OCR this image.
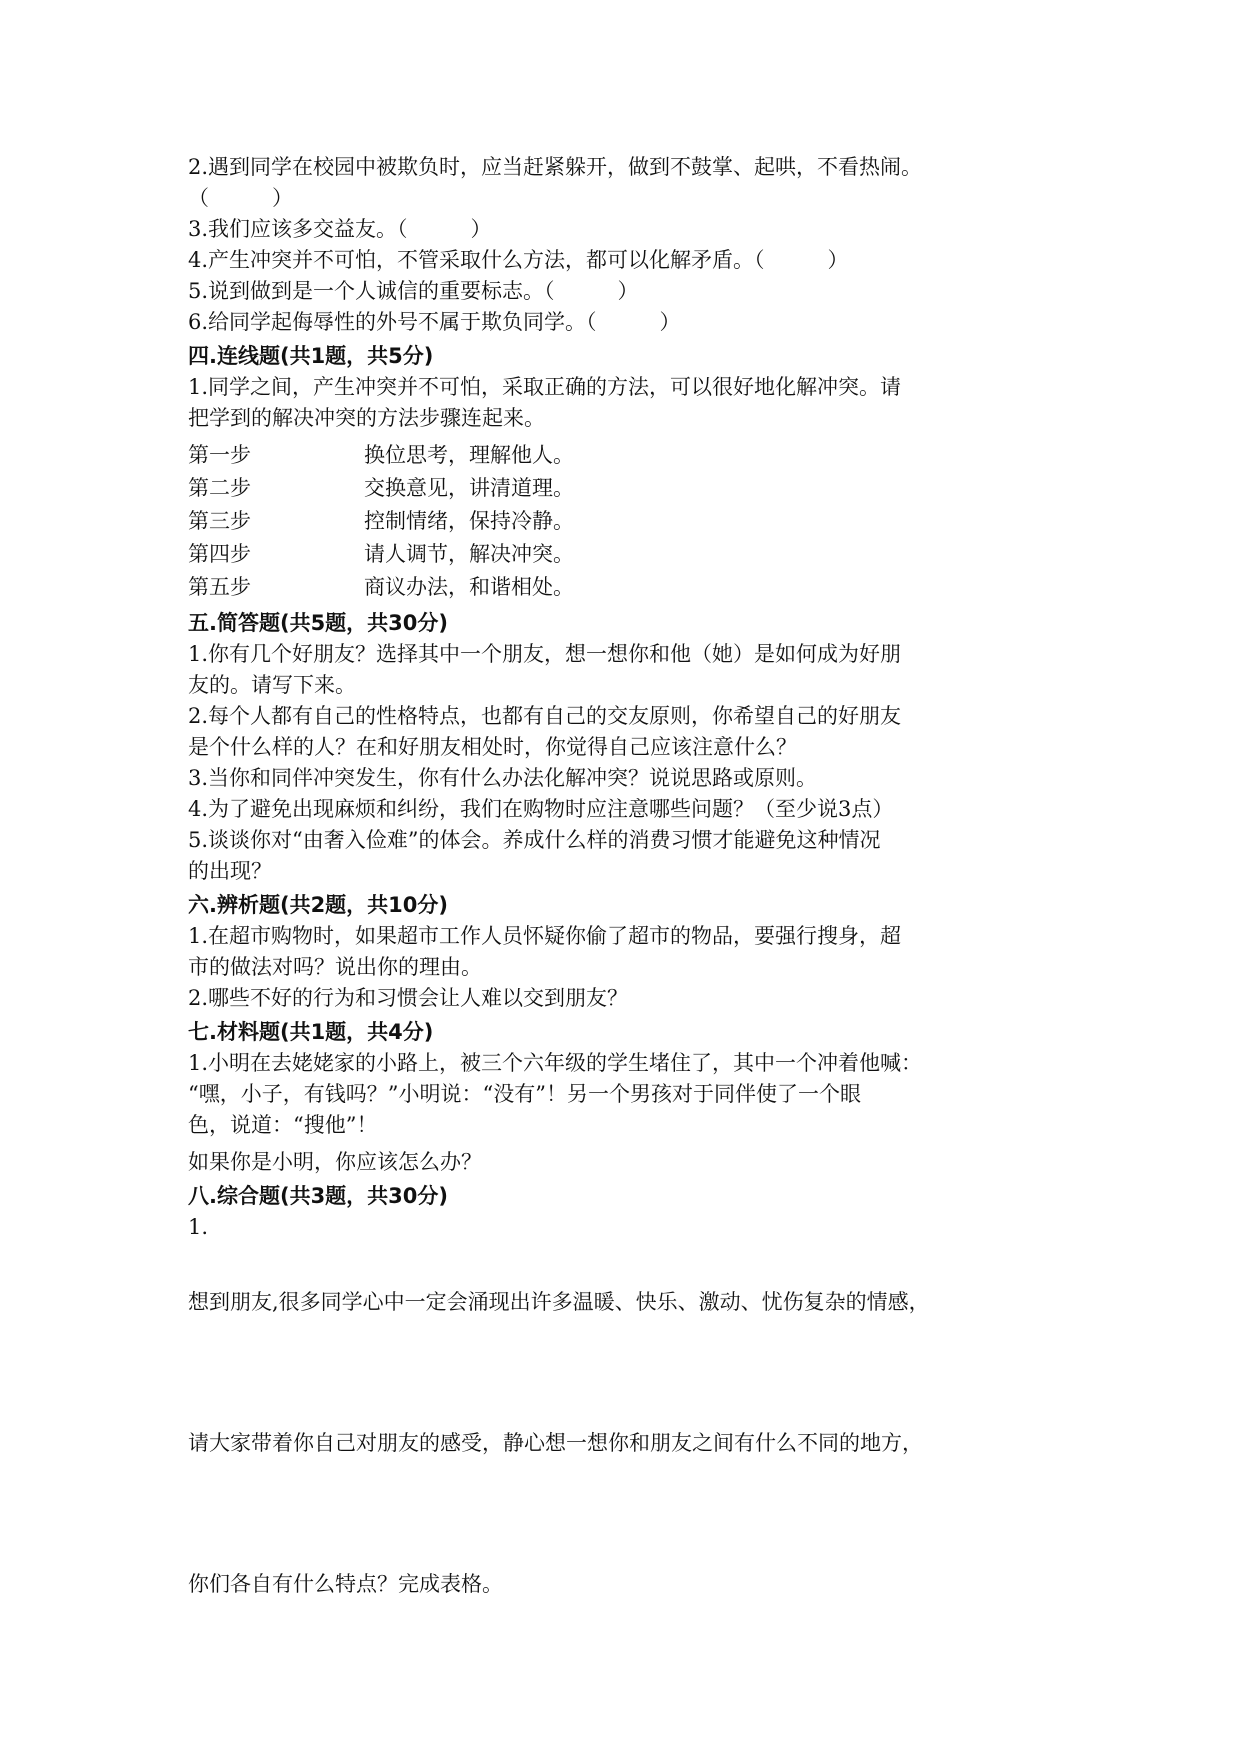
2.遇到同学在校园中被欺负时，应当赶紧躲开，做到不鼓掌、起哄，不看热闹。
（　　　）
3.我们应该多交益友。（　　　）
4.产生冲突并不可怕，不管采取什么方法，都可以化解矛盾。（　　　）
5.说到做到是一个人诚信的重要标志。（　　　）
6.给同学起侮辱性的外号不属于欺负同学。（　　　）
四.连线题(共1题，共5分)
1.同学之间，产生冲突并不可怕，采取正确的方法，可以很好地化解冲突。请
把学到的解决冲突的方法步骤连起来。
第一步	换位思考，理解他人。
第二步	交换意见，讲清道理。
第三步	控制情绪，保持冷静。
第四步	请人调节，解决冲突。
第五步	商议办法，和谐相处。
五.简答题(共5题，共30分)
1.你有几个好朋友？选择其中一个朋友，想一想你和他（她）是如何成为好朋
友的。请写下来。
2.每个人都有自己的性格特点，也都有自己的交友原则，你希望自己的好朋友
是个什么样的人？在和好朋友相处时，你觉得自己应该注意什么？
3.当你和同伴冲突发生，你有什么办法化解冲突？说说思路或原则。
4.为了避免出现麻烦和纠纷，我们在购物时应注意哪些问题？（至少说3点）
5.谈谈你对“由奢入俭难”的体会。养成什么样的消费习惯才能避免这种情况
的出现？
六.辨析题(共2题，共10分)
1.在超市购物时，如果超市工作人员怀疑你偷了超市的物品，要强行搜身，超
市的做法对吗？说出你的理由。
2.哪些不好的行为和习惯会让人难以交到朋友？
七.材料题(共1题，共4分)
1.小明在去姥姥家的小路上，被三个六年级的学生堵住了，其中一个冲着他喊：
“嘿，小子，有钱吗？”小明说：“没有”！另一个男孩对于同伴使了一个眼
色，说道：“搜他”！
如果你是小明，你应该怎么办？
八.综合题(共3题，共30分)
1.
想到朋友,很多同学心中一定会涌现出许多温暖、快乐、激动、忧伤复杂的情感，
请大家带着你自己对朋友的感受，静心想一想你和朋友之间有什么不同的地方，
你们各自有什么特点？完成表格。
